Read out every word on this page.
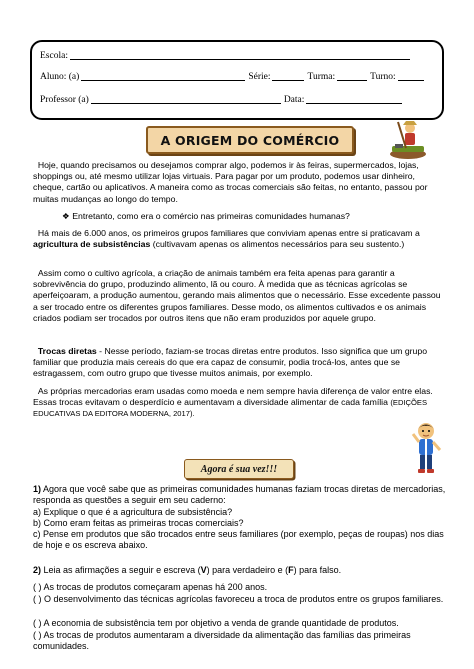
Escola:
Aluno: (a)	Série:	Turma:	Turno:
Professor (a)	Data:
A ORIGEM DO COMÉRCIO

Hoje, quando precisamos ou desejamos comprar algo, podemos ir às feiras, supermercados, lojas, shoppings ou, até mesmo utilizar lojas virtuais. Para pagar por um produto, podemos usar dinheiro, cheque, cartão ou aplicativos. A maneira como as trocas comerciais são feitas, no entanto, passou por muitas mudanças ao longo do tempo.

❖ Entretanto, como era o comércio nas primeiras comunidades humanas?

Há mais de 6.000 anos, os primeiros grupos familiares que conviviam apenas entre si praticavam a agricultura de subsistências (cultivavam apenas os alimentos necessários para seu sustento.)

Assim como o cultivo agrícola, a criação de animais também era feita apenas para garantir a sobrevivência do grupo, produzindo alimento, lã ou couro. À medida que as técnicas agrícolas se aperfeiçoaram, a produção aumentou, gerando mais alimentos que o necessário. Esse excedente passou a ser trocado entre os diferentes grupos familiares. Desse modo, os alimentos cultivados e os animais criados podiam ser trocados por outros itens que não eram produzidos por aquele grupo.

Trocas diretas - Nesse período, faziam-se trocas diretas entre produtos. Isso significa que um grupo familiar que produzia mais cereais do que era capaz de consumir, podia trocá-los, antes que se estragassem, com outro grupo que tivesse muitos animais, por exemplo.

As próprias mercadorias eram usadas como moeda e nem sempre havia diferença de valor entre elas. Essas trocas evitavam o desperdício e aumentavam a diversidade alimentar de cada família (EDIÇÕES EDUCATIVAS DA EDITORA MODERNA, 2017).

Agora é sua vez!!!

1) Agora que você sabe que as primeiras comunidades humanas faziam trocas diretas de mercadorias, responda as questões a seguir em seu caderno:

a) Explique o que é a agricultura de subsistência?

b) Como eram feitas as primeiras trocas comerciais?

c) Pense em produtos que são trocados entre seus familiares (por exemplo, peças de roupas) nos dias de hoje e os escreva abaixo.

2) Leia as afirmações a seguir e escreva (V) para verdadeiro e (F) para falso.

( ) As trocas de produtos começaram apenas há 200 anos.

( ) O desenvolvimento das técnicas agrícolas favoreceu a troca de produtos entre os grupos familiares.

( ) A economia de subsistência tem por objetivo a venda de grande quantidade de produtos.

( ) As trocas de produtos aumentaram a diversidade da alimentação das famílias das primeiras comunidades.
